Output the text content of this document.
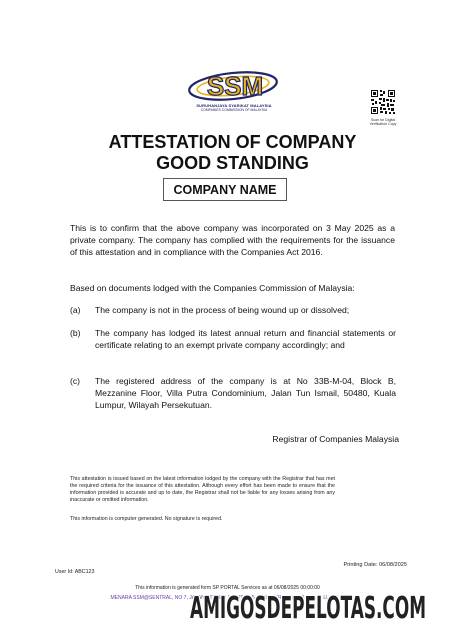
SSM
SURUHANJAYA SYARIKAT MALAYSIA
COMPANIES COMMISSION OF MALAYSIA
Scan for Digital
Verification Copy
ATTESTATION OF COMPANY
GOOD STANDING
COMPANY NAME
This is to confirm that the above company was incorporated on 3 May 2025 as a private company. The company has complied with the requirements for the issuance of this attestation and in compliance with the Companies Act 2016.
Based on documents lodged with the Companies Commission of Malaysia:
(a) The company is not in the process of being wound up or dissolved;
(b) The company has lodged its latest annual return and financial statements or certificate relating to an exempt private company accordingly; and
(c) The registered address of the company is at No 33B-M-04, Block B, Mezzanine Floor, Villa Putra Condominium, Jalan Tun Ismail, 50480, Kuala Lumpur, Wilayah Persekutuan.
Registrar of Companies Malaysia
This attestation is issued based on the latest information lodged by the company with the Registrar that has met the required criteria for the issuance of this attestation. Although every effort has been made to ensure that the information provided is accurate and up to date, the Registrar shall not be liable for any losses arising from any inaccurate or omitted information.
This information is computer generated. No signature is required.
Printing Date: 06/08/2025
User Id: ABC123
This information is generated form SP PORTAL Services as at 06/08/2025 00:00:00
MENARA SSM@SENTRAL, NO 7, JALAN STESEN SENTRAL 5, KL SENTRAL, 50623 KUALA LUMPUR
AMIGOSDEPELOTAS.COM
